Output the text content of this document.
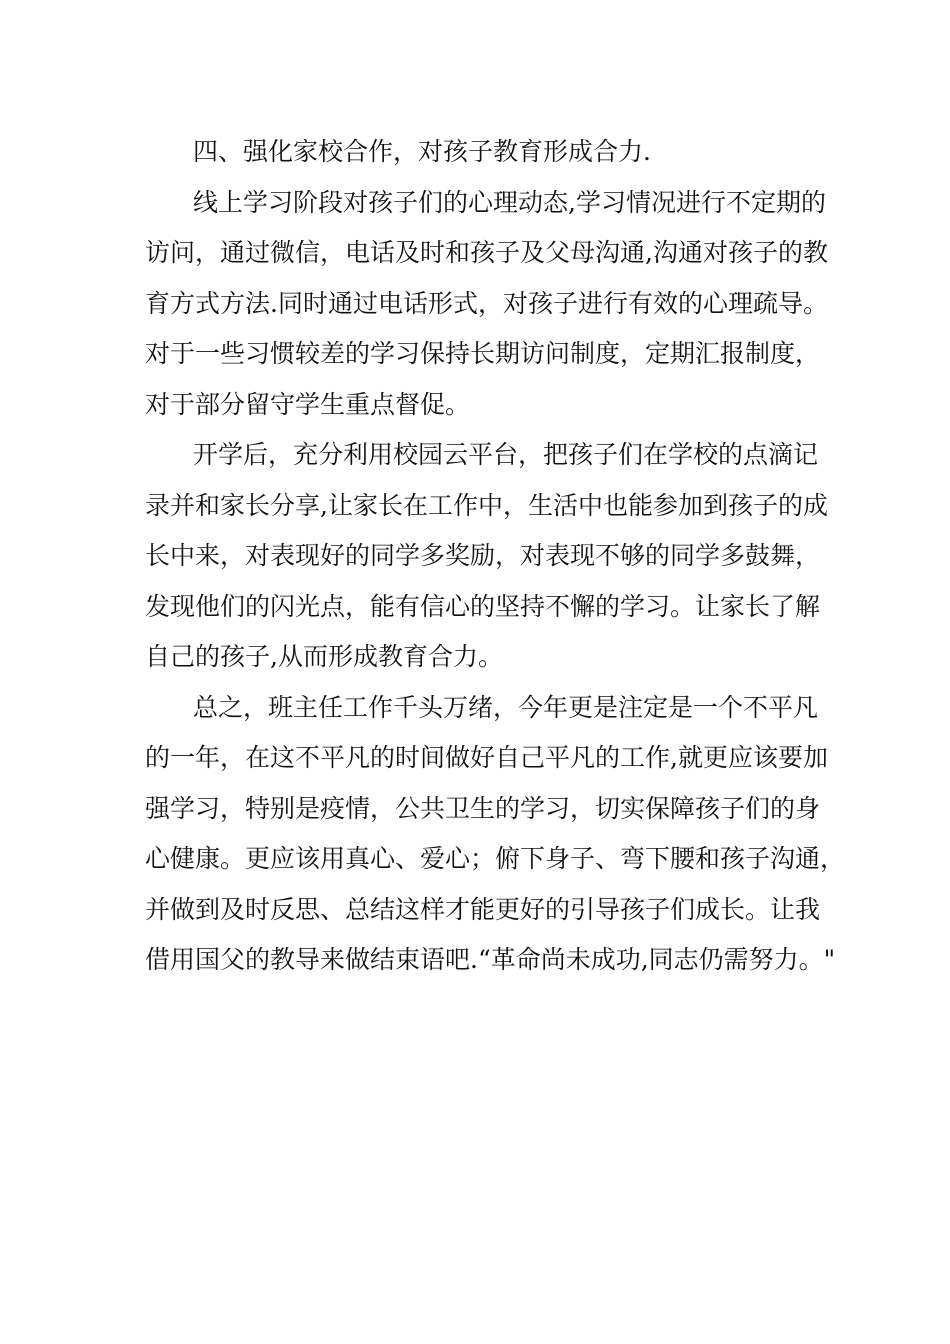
四、强化家校合作，对孩子教育形成合力.
线上学习阶段对孩子们的心理动态,学习情况进行不定期的
访问，通过微信，电话及时和孩子及父母沟通,沟通对孩子的教
育方式方法.同时通过电话形式，对孩子进行有效的心理疏导。
对于一些习惯较差的学习保持长期访问制度，定期汇报制度，
对于部分留守学生重点督促。
开学后，充分利用校园云平台，把孩子们在学校的点滴记
录并和家长分享,让家长在工作中，生活中也能参加到孩子的成
长中来，对表现好的同学多奖励，对表现不够的同学多鼓舞，
发现他们的闪光点，能有信心的坚持不懈的学习。让家长了解
自己的孩子,从而形成教育合力。
总之，班主任工作千头万绪，今年更是注定是一个不平凡
的一年，在这不平凡的时间做好自己平凡的工作,就更应该要加
强学习，特别是疫情，公共卫生的学习，切实保障孩子们的身
心健康。更应该用真心、爱心；俯下身子、弯下腰和孩子沟通，
并做到及时反思、总结这样才能更好的引导孩子们成长。让我
借用国父的教导来做结束语吧.“革命尚未成功,同志仍需努力。"
